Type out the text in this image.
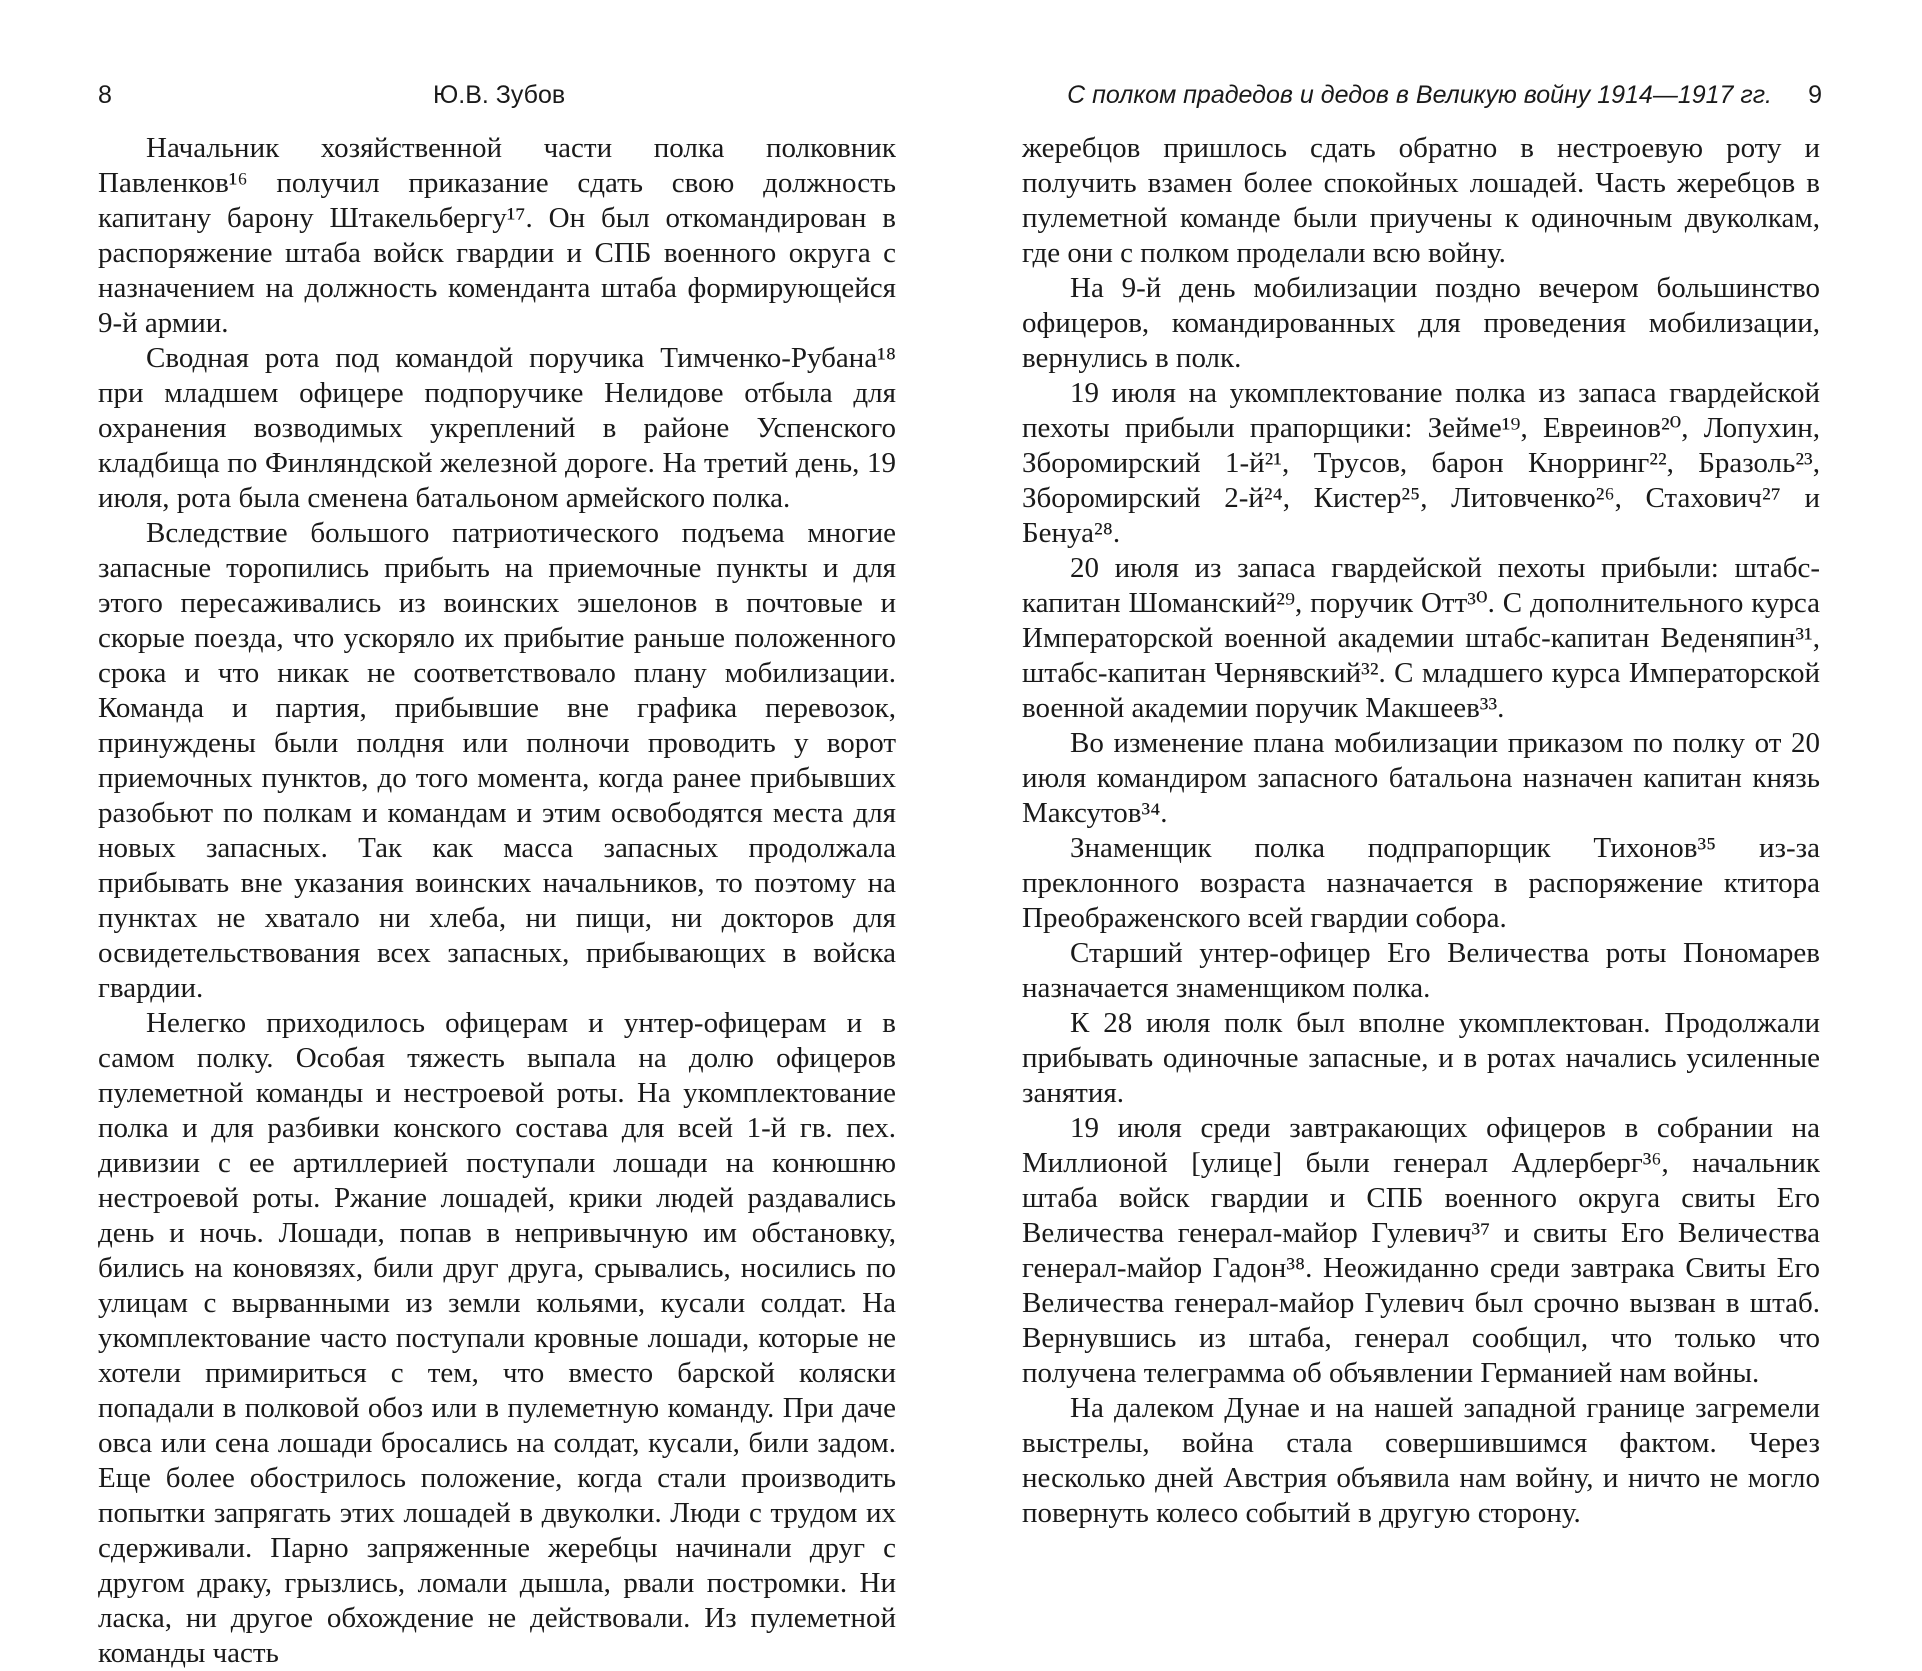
8	Ю.В. Зубов

Начальник хозяйственной части полка полковник Павленков¹⁶ получил приказание сдать свою должность капитану барону Штакельбергу¹⁷. Он был откомандирован в распоряжение штаба войск гвардии и СПБ военного округа с назначением на должность коменданта штаба формирующейся 9-й армии.

Сводная рота под командой поручика Тимченко-Рубана¹⁸ при младшем офицере подпоручике Нелидове отбыла для охранения возводимых укреплений в районе Успенского кладбища по Финляндской железной дороге. На третий день, 19 июля, рота была сменена батальоном армейского полка.

Вследствие большого патриотического подъема многие запасные торопились прибыть на приемочные пункты и для этого пересаживались из воинских эшелонов в почтовые и скорые поезда, что ускоряло их прибытие раньше положенного срока и что никак не соответствовало плану мобилизации. Команда и партия, прибывшие вне графика перевозок, принуждены были полдня или полночи проводить у ворот приемочных пунктов, до того момента, когда ранее прибывших разобьют по полкам и командам и этим освободятся места для новых запасных. Так как масса запасных продолжала прибывать вне указания воинских начальников, то поэтому на пунктах не хватало ни хлеба, ни пищи, ни докторов для освидетельствования всех запасных, прибывающих в войска гвардии.

Нелегко приходилось офицерам и унтер-офицерам и в самом полку. Особая тяжесть выпала на долю офицеров пулеметной команды и нестроевой роты. На укомплектование полка и для разбивки конского состава для всей 1-й гв. пех. дивизии с ее артиллерией поступали лошади на конюшню нестроевой роты. Ржание лошадей, крики людей раздавались день и ночь. Лошади, попав в непривычную им обстановку, бились на коновязях, били друг друга, срывались, носились по улицам с вырванными из земли кольями, кусали солдат. На укомплектование часто поступали кровные лошади, которые не хотели примириться с тем, что вместо барской коляски попадали в полковой обоз или в пулеметную команду. При даче овса или сена лошади бросались на солдат, кусали, били задом. Еще более обострилось положение, когда стали производить попытки запрягать этих лошадей в двуколки. Люди с трудом их сдерживали. Парно запряженные жеребцы начинали друг с другом драку, грызлись, ломали дышла, рвали постромки. Ни ласка, ни другое обхождение не действовали. Из пулеметной команды часть

С полком прадедов и дедов в Великую войну 1914—1917 гг. 9

жеребцов пришлось сдать обратно в нестроевую роту и получить взамен более спокойных лошадей. Часть жеребцов в пулеметной команде были приучены к одиночным двуколкам, где они с полком проделали всю войну.

На 9-й день мобилизации поздно вечером большинство офицеров, командированных для проведения мобилизации, вернулись в полк.

19 июля на укомплектование полка из запаса гвардейской пехоты прибыли прапорщики: Зейме¹⁹, Евреинов²⁰, Лопухин, Зборомирский 1-й²¹, Трусов, барон Кнорринг²², Бразоль²³, Зборомирский 2-й²⁴, Кистер²⁵, Литовченко²⁶, Стахович²⁷ и Бенуа²⁸.

20 июля из запаса гвардейской пехоты прибыли: штабс-капитан Шоманский²⁹, поручик Отт³⁰. С дополнительного курса Императорской военной академии штабс-капитан Веденяпин³¹, штабс-капитан Чернявский³². С младшего курса Императорской военной академии поручик Макшеев³³.

Во изменение плана мобилизации приказом по полку от 20 июля командиром запасного батальона назначен капитан князь Максутов³⁴.

Знаменщик полка подпрапорщик Тихонов³⁵ из-за преклонного возраста назначается в распоряжение ктитора Преображенского всей гвардии собора.

Старший унтер-офицер Его Величества роты Пономарев назначается знаменщиком полка.

К 28 июля полк был вполне укомплектован. Продолжали прибывать одиночные запасные, и в ротах начались усиленные занятия.

19 июля среди завтракающих офицеров в собрании на Миллионой [улице] были генерал Адлерберг³⁶, начальник штаба войск гвардии и СПБ военного округа свиты Его Величества генерал-майор Гулевич³⁷ и свиты Его Величества генерал-майор Гадон³⁸. Неожиданно среди завтрака Свиты Его Величества генерал-майор Гулевич был срочно вызван в штаб. Вернувшись из штаба, генерал сообщил, что только что получена телеграмма об объявлении Германией нам войны.

На далеком Дунае и на нашей западной границе загремели выстрелы, война стала совершившимся фактом. Через несколько дней Австрия объявила нам войну, и ничто не могло повернуть колесо событий в другую сторону.
